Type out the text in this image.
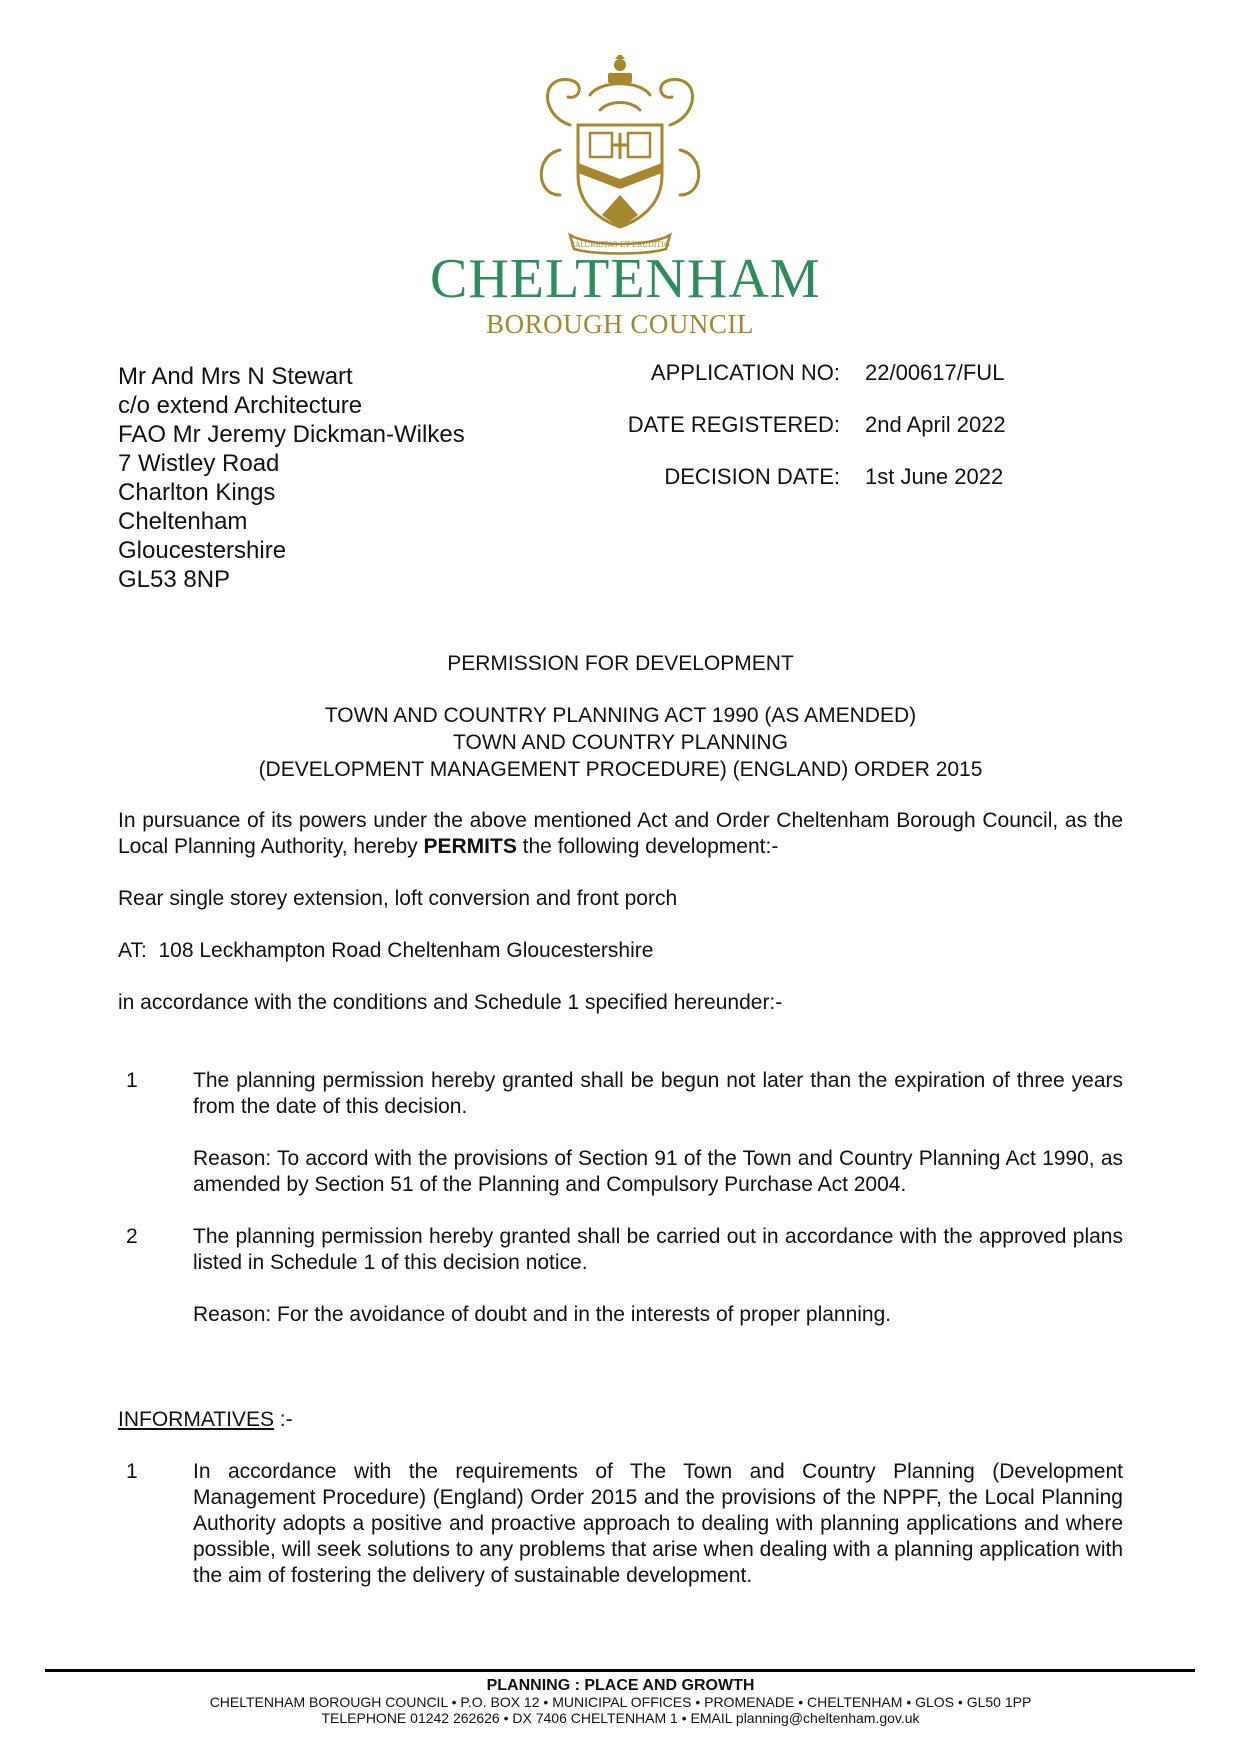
SALUBRITAS ET ERUDITIO
CHELTENHAM
BOROUGH COUNCIL
Mr And Mrs N Stewart
c/o extend Architecture
FAO Mr Jeremy Dickman-Wilkes
7 Wistley Road
Charlton Kings
Cheltenham
Gloucestershire
GL53 8NP
APPLICATION NO: 22/00617/FUL
DATE REGISTERED: 2nd April 2022
DECISION DATE: 1st June 2022
PERMISSION FOR DEVELOPMENT
TOWN AND COUNTRY PLANNING ACT 1990 (AS AMENDED)
TOWN AND COUNTRY PLANNING
(DEVELOPMENT MANAGEMENT PROCEDURE) (ENGLAND) ORDER 2015
In pursuance of its powers under the above mentioned Act and Order Cheltenham Borough Council, as the Local Planning Authority, hereby PERMITS the following development:-
Rear single storey extension, loft conversion and front porch
AT: 108 Leckhampton Road Cheltenham Gloucestershire
in accordance with the conditions and Schedule 1 specified hereunder:-
1	The planning permission hereby granted shall be begun not later than the expiration of three years from the date of this decision.
Reason: To accord with the provisions of Section 91 of the Town and Country Planning Act 1990, as amended by Section 51 of the Planning and Compulsory Purchase Act 2004.
2	The planning permission hereby granted shall be carried out in accordance with the approved plans listed in Schedule 1 of this decision notice.
Reason: For the avoidance of doubt and in the interests of proper planning.
INFORMATIVES :-
1	In accordance with the requirements of The Town and Country Planning (Development Management Procedure) (England) Order 2015 and the provisions of the NPPF, the Local Planning Authority adopts a positive and proactive approach to dealing with planning applications and where possible, will seek solutions to any problems that arise when dealing with a planning application with the aim of fostering the delivery of sustainable development.
PLANNING : PLACE AND GROWTH
CHELTENHAM BOROUGH COUNCIL • P.O. BOX 12 • MUNICIPAL OFFICES • PROMENADE • CHELTENHAM • GLOS • GL50 1PP
TELEPHONE 01242 262626 • DX 7406 CHELTENHAM 1 • EMAIL planning@cheltenham.gov.uk
